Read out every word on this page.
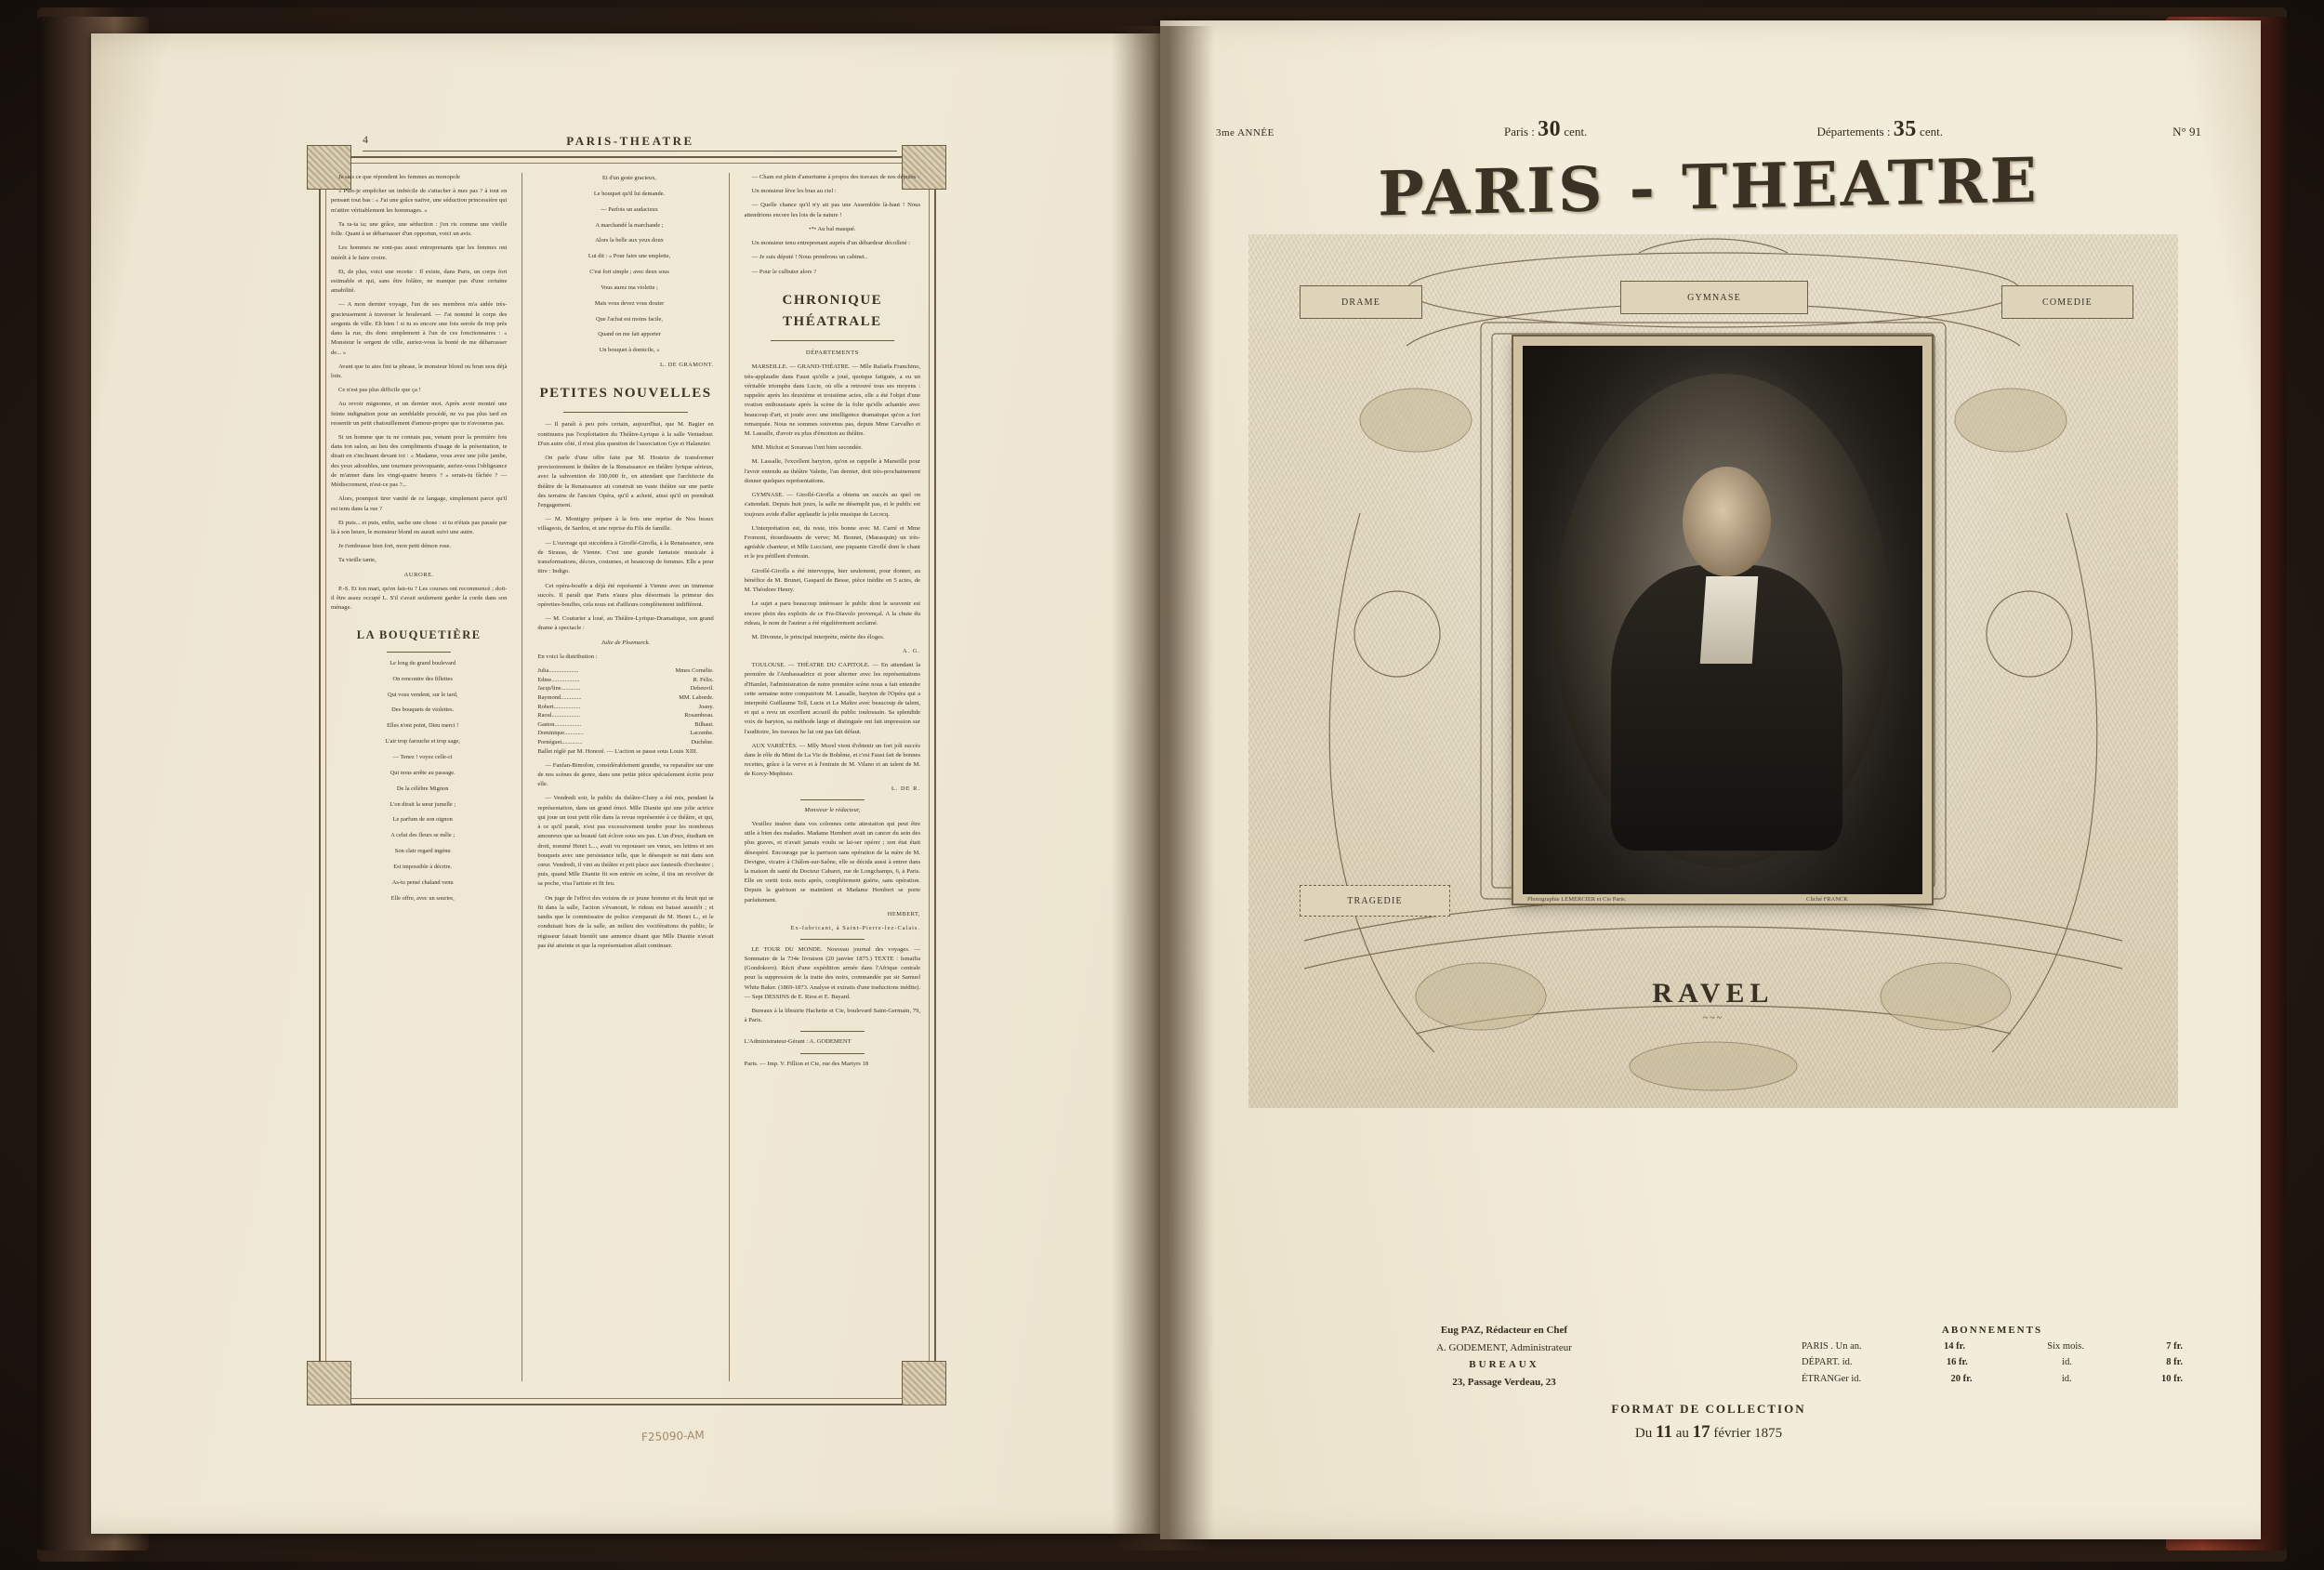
4	PARIS-THEATRE

Je sais ce que répondent les femmes au monopole

« Puis-je empêcher un imbécile de s'attacher à mes pas ? à tout en pensant tout bas : « J'ai une grâce native, une séduction princessière qui m'attire véritablement les hommages. »

Ta ra-ta ta; une grâce, une séduction : j'en ris comme une vieille folle. Quant à se débarrasser d'un opportun, voici un avis.

Les hommes ne sont-pas aussi entreprenants que les femmes ont intérêt à le faire croire.

Et, de plus, voici une recette : Il existe, dans Paris, un corps fort estimable et qui, sans être folâtre, ne manque pas d'une certaine amabilité.

— A mon dernier voyage, l'un de ses membres m'a aidée très-gracieusement à traverser le boulevard. — J'ai nommé le corps des sergents de ville. Eh bien ! si tu es encore une fois serrée de trop près dans la rue, dis donc simplement à l'un de ces fonctionnaires : « Monsieur le sergent de ville, auriez-vous la bonté de me débarrasser de... »

Avant que tu aies fini ta phrase, le monsieur blond ou brun sera déjà loin.

Ce n'est pas plus difficile que ça !

Au revoir mignonne, et un dernier mot. Après avoir montré une feinte indignation pour un semblable procédé, ne va pas plus tard en ressentir un petit chatouillement d'amour-propre que tu n'avoueras pas.

Si un homme que tu ne connais pas, venant pour la première fois dans ton salon, au lieu des compliments d'usage de la présentation, te disait en s'inclinant devant toi : « Madame, vous avez une jolie jambe, des yeux adorables, une tournure provoquante, auriez-vous l'obligeance de m'aimer dans les vingt-quatre heures ? » serais-tu fâchée ? — Médiocrement, n'est-ce pas ?...

Alors, pourquoi tirer vanité de ce langage, simplement parce qu'il est tenu dans la rue ?

Et puis... et puis, enfin, sache une chose : si tu n'étais pas passée par là à son heure, le monsieur blond en aurait suivi une autre.

Je t'embrasse bien fort, mon petit démon rose.

Ta vieille tante,

AURORE.

P.-S. Et ton mari, qu'en fais-tu ? Les courses ont recommencé ; doit-il être assez occupé L. S'il s'avait seulement garder la corde dans son ménage.

LA BOUQUETIÈRE

Le long du grand boulevard

On rencontre des fillettes

Qui vous vendent, sur le tard,

Des bouquets de violettes.

Elles n'ont point, Dieu merci !

L'air trop farouche et trop sage,

— Tenez ! voyez celle-ci

Qui nous arrête au passage.

De la célèbre Mignon

L'on dirait la sœur jumelle ;

Le parfum de son oignon

A celui des fleurs se mêle ;

Son clair regard ingénu

Est impossible à décrire.

As-tu pensé chaland venu

Elle offre, avec un sourire,

Et d'un geste gracieux,

Le bouquet qu'il lui demande.

— Parfois un audacieux

A marchandé la marchande ;

Alors la belle aux yeux doux

Lui dit : « Pour faire une emplette,

C'est fort simple ; avec deux sous

Vous aurez ma violette ;

Mais vous devez vous douter

Que l'achat est moins facile,

Quand on me fait apporter

Un bouquet à domicile, »

L. DE GRAMONT.

PETITES NOUVELLES

— Il paraît à peu près certain, aujourd'hui, que M. Bagier en continuera pas l'exploitation du Théâtre-Lyrique à la salle Ventadour. D'un autre côté, il n'est plus question de l'association Gye et Halanzier.

On parle d'une offre faite par M. Hostein de transformer provisoirement le théâtre de la Renaissance en théâtre lyrique sérieux, avec la subvention de 100,000 fr., en attendant que l'architecte du théâtre de la Renaissance ait construit un vaste théâtre sur une partie des terrains de l'ancien Opéra, qu'il a acheté, ainsi qu'il en prendrait l'engagement.

— M. Montigny prépare à la fois une reprise de Nos beaux villageois, de Sardou, et une reprise du Fils de famille.

— L'ouvrage qui succédera à Giroflé-Girofla, à la Renaissance, sera de Strauss, de Vienne. C'est une grande fantaisie musicale à transformations, décors, costumes, et beaucoup de femmes. Elle a pour titre : Indigo.

Cet opéra-bouffe a déjà été représenté à Vienne avec un immense succès. Il paraît que Paris n'aura plus désormais la primeur des opérettes-bouffes, cela nous est d'ailleurs complètement indifférent.

— M. Couturier a loué, au Théâtre-Lyrique-Dramatique, son grand drame à spectacle :

Julie de Ploemarck.

En voici la distribution :

Julia....................	Mmes Cornélie.
Edme...................	R. Félix.
Jacqu'line.............	Debeuvil.
Raymond..............	MM. Laborde.
Robert..................	Joany.
Raoul...................	Rosambeau.
Gaston..................	Bilhaut.
Dominique.............	Lacombe.
Pornéguet..............	Duchêne.

Ballet réglé par M. Honoré. — L'action se passe sous Louis XIII.

— Fanfan-Bimolon, considérablement grandie, va reparaître sur une de nos scènes de genre, dans une petite pièce spécialement écrite pour elle.

— Vendredi soir, le public du théâtre-Cluny a été mis, pendant la représentation, dans un grand émoi. Mlle Dianiie qui une jolie actrice qui joue un tout petit rôle dans la revue représentée à ce théâtre, et qui, à ce qu'il paraît, n'est pas excessivement tendre pour les nombreux amoureux que sa beauté fait éclore sous ses pas. L'un d'eux, étudiant en droit, nommé Henri L..., avait vu repousser ses vœux, ses lettres et ses bouquets avec une persistance telle, que le désespoir se mit dans son cœur. Vendredi, il vint au théâtre et prit place aux fauteuils d'orchestre ; puis, quand Mlle Dianiie fit son entrée en scène, il tira un revolver de sa poche, visa l'artiste et fit feu.

On juge de l'effroi des voisins de ce jeune homme et du bruit qui se fit dans la salle, l'action s'évanouit, le rideau est baissé aussitôt ; et tandis que le commissaire de police s'emparait de M. Henri L., et le conduisait hors de la salle, an milieu des vociférations du public, le régisseur faisait bientôt une annonce disant que Mlle Dianiie n'avait pas été atteinte et que la représentation allait continuer.

— Cham est plein d'amertume à propos des travaux de nos députés :

Un monsieur lève les bras au ciel :

— Quelle chance qu'il n'y ait pas une Assemblée là-haut ! Nous attendrions encore les lois de la nature !

•*• Au bal masqué.

Un monsieur tenu entreprenant auprès d'un débardeur décolleté :

— Je suis député ! Nous prendrons un cabinet..

— Pour le culbuter alors ?

CHRONIQUE THÉATRALE

DÉPARTEMENTS

MARSEILLE. — GRAND-THÉATRE. — Mlle Rafaëla Franchino, très-applaudie dans Faust qu'elle a joué, quoique fatiguée, a eu un véritable triomphe dans Lucie, où elle a retrouvé tous ses moyens : rappelée après les deuxième et troisième actes, elle a été l'objet d'une ovation enthousiaste après la scène de la folie qu'elle achantée avec beaucoup d'art, et jouée avec une intelligence dramatique qu'on a fort remarquée. Nous ne sommes souvenus pas, depuis Mme Carvalho et M. Lassalle, d'avoir eu plus d'émotion au théâtre.

MM. Michot et Sorareau l'ont bien secondée.

M. Lassalle, l'excellent baryton, qu'on se rappelle à Marseille pour l'avoir entendu au théâtre Valette, l'an dernier, doit très-prochainement donner quelques représentations.

GYMNASE. — Giroflé-Girofla a obtenu un succès au quel on s'attendait. Depuis huit jours, la salle ne désemplit pas, et le public est toujours avide d'aller applaudir la jolie musique de Lecocq.

L'interprétation est, du reste, très bonne avec M. Carré et Mme Fromont, étourdissants de verve; M. Bonnet, (Marasquin) un très-agréable chanteur, et Mlle Lucciani, une piquante Giroflé dont le chant et le jeu pétillent d'entrain.

Giroflé-Girofla a été intervoppa, hier seulement, pour donner, au bénéfice de M. Brunet, Gaspard de Besse, pièce inédite en 5 actes, de M. Théodore Henry.

Le sujet a paru beaucoup intéresser le public dont le souvenir est encore plein des exploits de ce Fra-Diavolo provençal. A la chute du rideau, le nom de l'auteur a été régulièrement acclamé.

M. Divonne, le principal interprète, mérite des éloges.

A. G.

TOULOUSE. — THÉATRE DU CAPITOLE. — En attendant la première de l'Ambassadrice et pour alterner avec les représentations d'Hamlet, l'administration de notre première scène nous a fait entendre cette semaine notre compatriote M. Lassalle, baryton de l'Opéra qui a interprété Guillaume Tell, Lucie et Le Maître avec beaucoup de talent, et qui a revu un excellent accueil du public toulousain. Sa splendide voix de baryton, sa méthode large et distinguée ont fait impression sur l'auditoire, les travaux he lui ont pas fait défaut.

AUX VARIÉTÉS. — Mlly Morel vient d'obtenir un fort joli succès dans le rôle du Mimi de La Vie de Bohême, et c'est Faust fait de bonnes recettes, grâce à la verve et à l'entrain de M. Vilano et an talent de M. de Korcy-Mephisto.

L. DE R.

Monsieur le rédacteur,

Veuillez insérer dans vos colonnes cette attestation qui peut être utile à bien des malades. Madame Hembert avait un cancer du sein des plus graves, et n'avait jamais voulu se lai-ser opérer ; son état était désespéré. Encourage par la parrison sans opération de la mère de M. Devigne, vicaire à Châlon-sur-Saône, elle se décida aussi à entrer dans la maison de santé du Docteur Cabaret, rue de Longchamps, 6, à Paris. Elle en sortit trois mois après, complétement guérie, sans opération. Depuis la guérison se maintient et Madame Hembert se porte parfaitement.

HEMBERT,

Ex-fabricant, à Saint-Pierre-lez-Calais.

LE TOUR DU MONDE. Nouveau journal des voyages. — Sommaire de la 734e livraison (20 janvier 1875.) TEXTE : Ismaïlia (Gondokoro). Récit d'une expédition armée dans l'Afrique centrale pour la suppression de la traite des noirs, commandée par sir Samuel White Baker. (1869-1873. Analyse et extraits d'une traductions inédite). — Sept DESSINS de E. Riou et E. Bayard.

Bureaux à la librairie Hachette et Cie, boulevard Saint-Germain, 79, à Paris.

L'Administrateur-Gérant : A. GODEMENT

Paris. — Imp. V. Fillion et Cie, rue des Martyrs 18

3me ANNÉE	Paris : 30 cent.	Départements : 35 cent.	N° 91
PARIS - THEATRE
DRAME	GYMNASE	COMEDIE
TRAGEDIE	Photographie LEMERCIER et Cie Paris.	Cliché FRANCK
RAVEL
~~~
Eug PAZ, Rédacteur en Chef
A. GODEMENT, Administrateur
BUREAUX
23, Passage Verdeau, 23
ABONNEMENTS
PARIS . Un an.	14 fr.	Six mois.	7 fr.
DÉPART. id.	16 fr.	id.	8 fr.
ÉTRANGer id.	20 fr.	id.	10 fr.
FORMAT DE COLLECTION
Du 11 au 17 février 1875
F25090-AM
